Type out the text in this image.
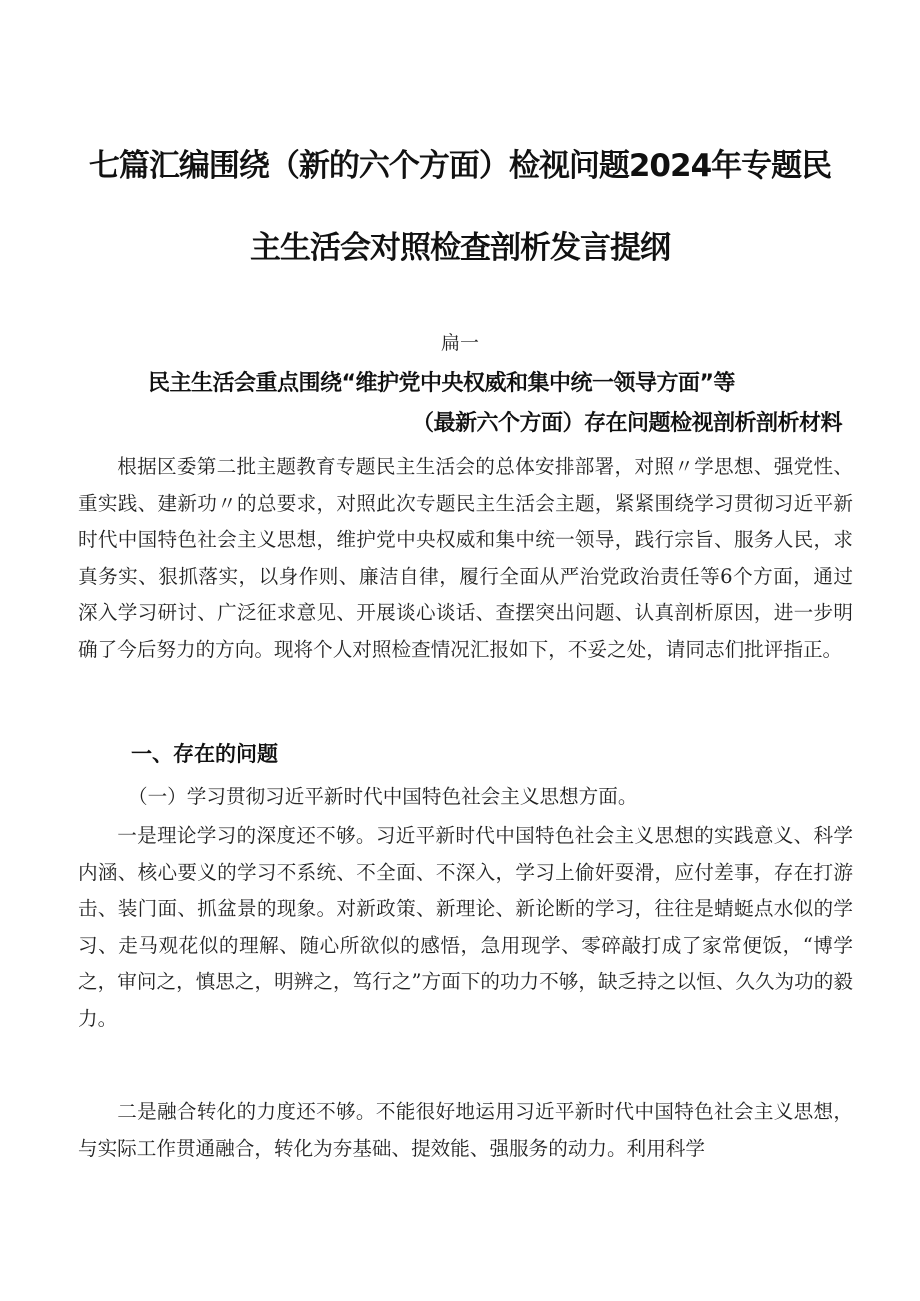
七篇汇编围绕（新的六个方面）检视问题2024年专题民
主生活会对照检查剖析发言提纲
扁一
民主生活会重点围绕“维护党中央权威和集中统一领导方面”等
（最新六个方面）存在问题检视剖析剖析材料
根据区委第二批主题教育专题民主生活会的总体安排部署，对照〃学思想、强党性、重实践、建新功〃的总要求，对照此次专题民主生活会主题，紧紧围绕学习贯彻习近平新时代中国特色社会主义思想，维护党中央权威和集中统一领导，践行宗旨、服务人民，求真务实、狠抓落实，以身作则、廉洁自律，履行全面从严治党政治责任等6个方面，通过深入学习研讨、广泛征求意见、开展谈心谈话、查摆突出问题、认真剖析原因，进一步明确了今后努力的方向。现将个人对照检查情况汇报如下，不妥之处，请同志们批评指正。
一、存在的问题
（一）学习贯彻习近平新时代中国特色社会主义思想方面。
一是理论学习的深度还不够。习近平新时代中国特色社会主义思想的实践意义、科学内涵、核心要义的学习不系统、不全面、不深入，学习上偷奸耍滑，应付差事，存在打游击、装门面、抓盆景的现象。对新政策、新理论、新论断的学习，往往是蜻蜓点水似的学习、走马观花似的理解、随心所欲似的感悟，急用现学、零碎敲打成了家常便饭，“博学之，审问之，慎思之，明辨之，笃行之”方面下的功力不够，缺乏持之以恒、久久为功的毅力。
二是融合转化的力度还不够。不能很好地运用习近平新时代中国特色社会主义思想，与实际工作贯通融合，转化为夯基础、提效能、强服务的动力。利用科学
